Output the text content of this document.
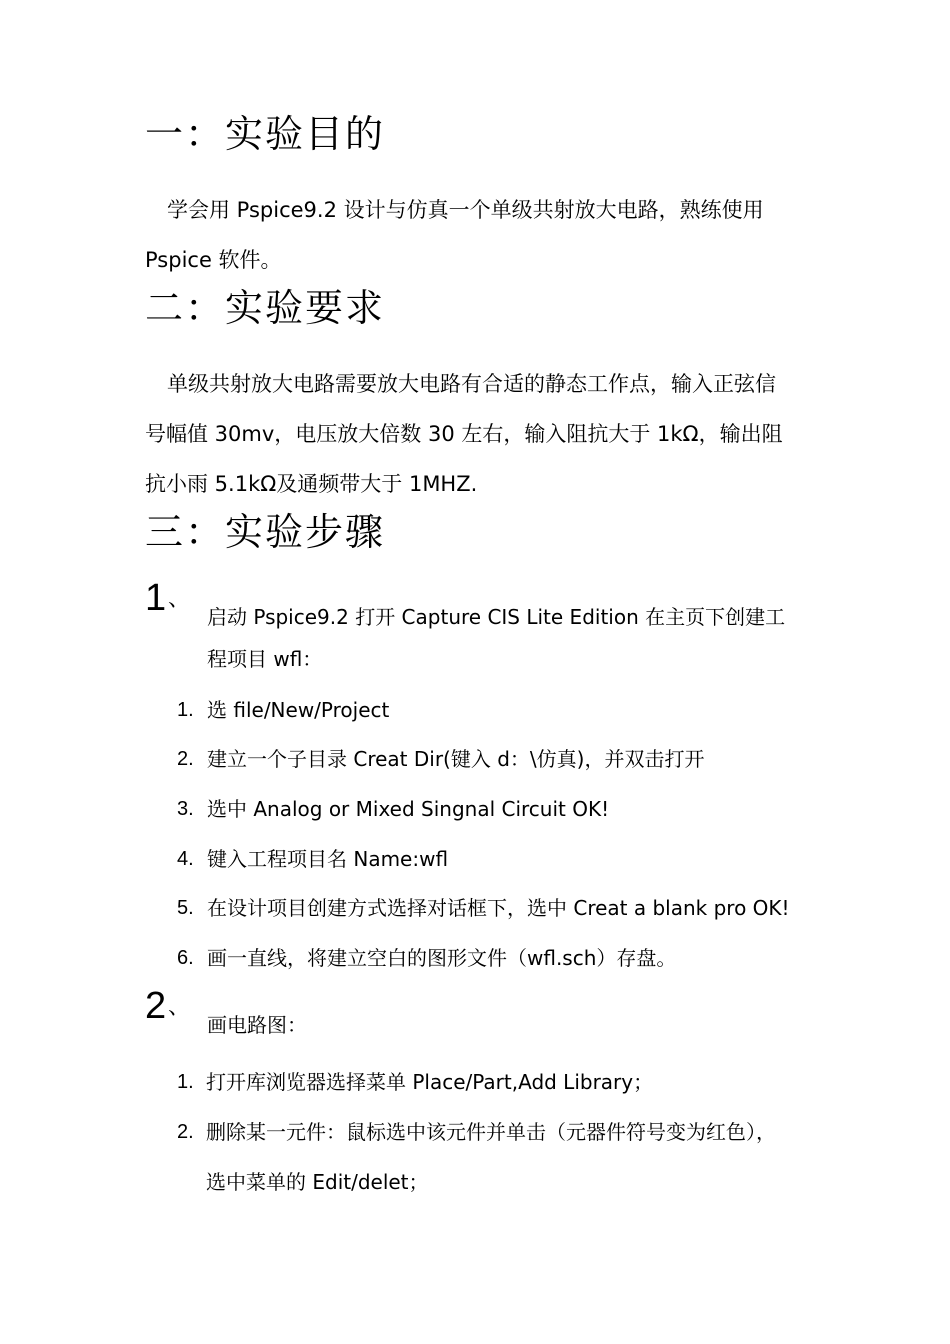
一：实验目的
学会用 Pspice9.2 设计与仿真一个单级共射放大电路，熟练使用
Pspice 软件。
二：实验要求
单级共射放大电路需要放大电路有合适的静态工作点，输入正弦信
号幅值 30mv，电压放大倍数 30 左右，输入阻抗大于 1kΩ，输出阻
抗小雨 5.1kΩ及通频带大于 1MHZ.
三：实验步骤
1 、
启动 Pspice9.2 打开 Capture CIS Lite Edition 在主页下创建工
程项目 wfl：
1. 选 file/New/Project
2. 建立一个子目录 Creat Dir(键入 d：\仿真)，并双击打开
3. 选中 Analog or Mixed Singnal Circuit OK!
4. 键入工程项目名 Name:wfl
5. 在设计项目创建方式选择对话框下，选中 Creat a blank pro OK!
6. 画一直线，将建立空白的图形文件（wfl.sch）存盘。
2 、
画电路图：
1. 打开库浏览器选择菜单 Place/Part,Add Library；
2. 删除某一元件：鼠标选中该元件并单击（元器件符号变为红色），
选中菜单的 Edit/delet；
